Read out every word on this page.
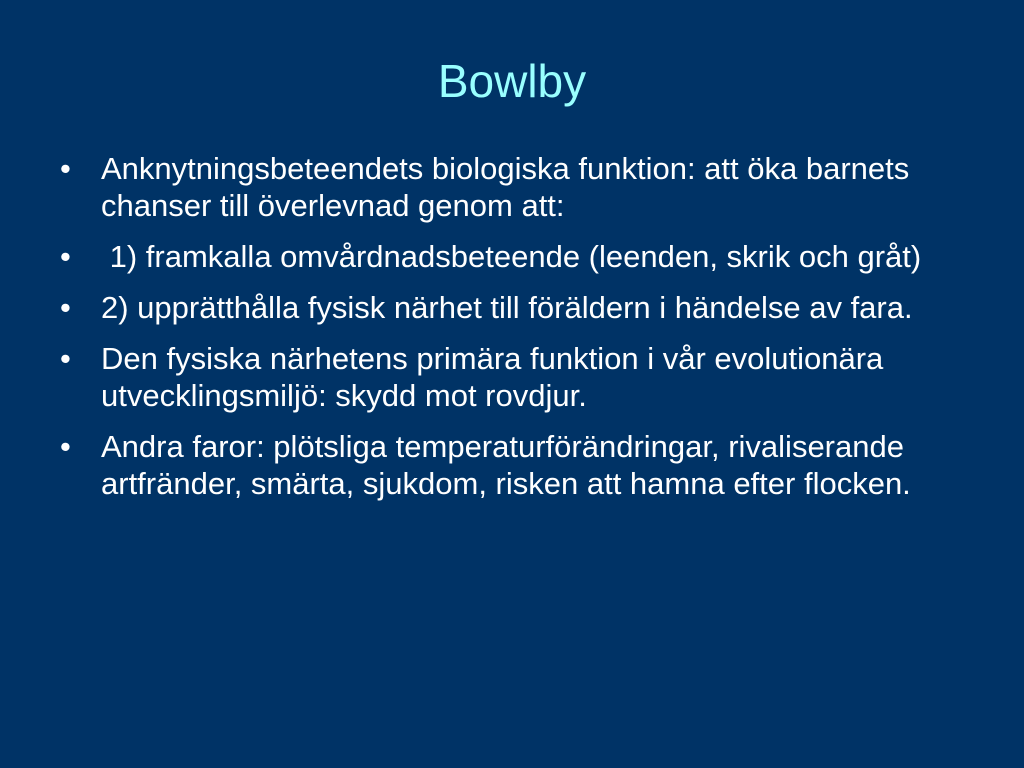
Bowlby
• Anknytningsbeteendets biologiska funktion: att öka barnets chanser till överlevnad genom att:
• 1) framkalla omvårdnadsbeteende (leenden, skrik och gråt)
• 2) upprätthålla fysisk närhet till föräldern i händelse av fara.
• Den fysiska närhetens primära funktion i vår evolutionära utvecklingsmiljö: skydd mot rovdjur.
• Andra faror: plötsliga temperaturförändringar, rivaliserande artfränder, smärta, sjukdom, risken att hamna efter flocken.
